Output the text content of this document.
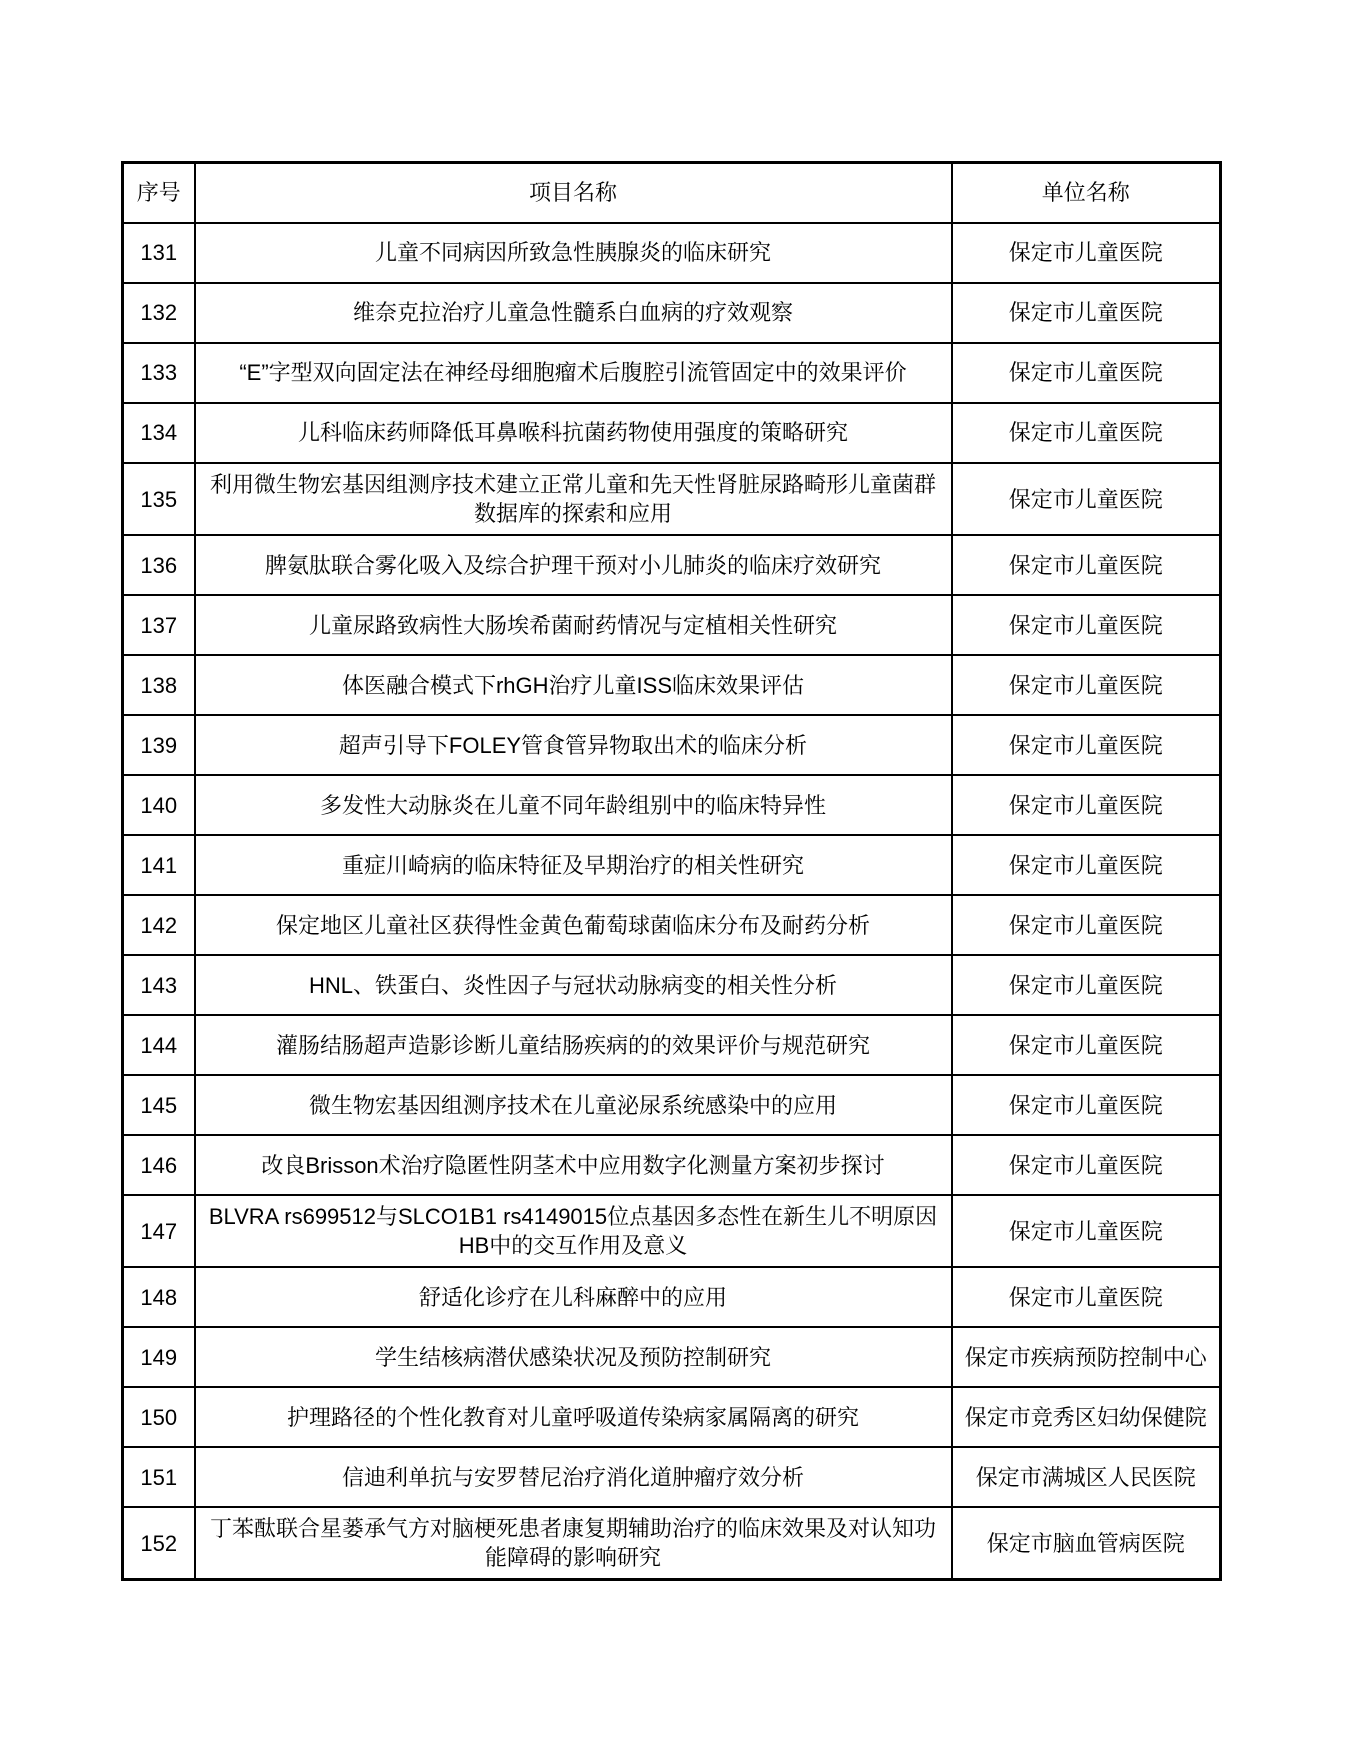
序号	项目名称	单位名称
131	儿童不同病因所致急性胰腺炎的临床研究	保定市儿童医院
132	维奈克拉治疗儿童急性髓系白血病的疗效观察	保定市儿童医院
133	“E”字型双向固定法在神经母细胞瘤术后腹腔引流管固定中的效果评价	保定市儿童医院
134	儿科临床药师降低耳鼻喉科抗菌药物使用强度的策略研究	保定市儿童医院
135	利用微生物宏基因组测序技术建立正常儿童和先天性肾脏尿路畸形儿童菌群数据库的探索和应用	保定市儿童医院
136	脾氨肽联合雾化吸入及综合护理干预对小儿肺炎的临床疗效研究	保定市儿童医院
137	儿童尿路致病性大肠埃希菌耐药情况与定植相关性研究	保定市儿童医院
138	体医融合模式下rhGH治疗儿童ISS临床效果评估	保定市儿童医院
139	超声引导下FOLEY管食管异物取出术的临床分析	保定市儿童医院
140	多发性大动脉炎在儿童不同年龄组别中的临床特异性	保定市儿童医院
141	重症川崎病的临床特征及早期治疗的相关性研究	保定市儿童医院
142	保定地区儿童社区获得性金黄色葡萄球菌临床分布及耐药分析	保定市儿童医院
143	HNL、铁蛋白、炎性因子与冠状动脉病变的相关性分析	保定市儿童医院
144	灌肠结肠超声造影诊断儿童结肠疾病的的效果评价与规范研究	保定市儿童医院
145	微生物宏基因组测序技术在儿童泌尿系统感染中的应用	保定市儿童医院
146	改良Brisson术治疗隐匿性阴茎术中应用数字化测量方案初步探讨	保定市儿童医院
147	BLVRA rs699512与SLCO1B1 rs4149015位点基因多态性在新生儿不明原因HB中的交互作用及意义	保定市儿童医院
148	舒适化诊疗在儿科麻醉中的应用	保定市儿童医院
149	学生结核病潜伏感染状况及预防控制研究	保定市疾病预防控制中心
150	护理路径的个性化教育对儿童呼吸道传染病家属隔离的研究	保定市竞秀区妇幼保健院
151	信迪利单抗与安罗替尼治疗消化道肿瘤疗效分析	保定市满城区人民医院
152	丁苯酞联合星蒌承气方对脑梗死患者康复期辅助治疗的临床效果及对认知功能障碍的影响研究	保定市脑血管病医院
